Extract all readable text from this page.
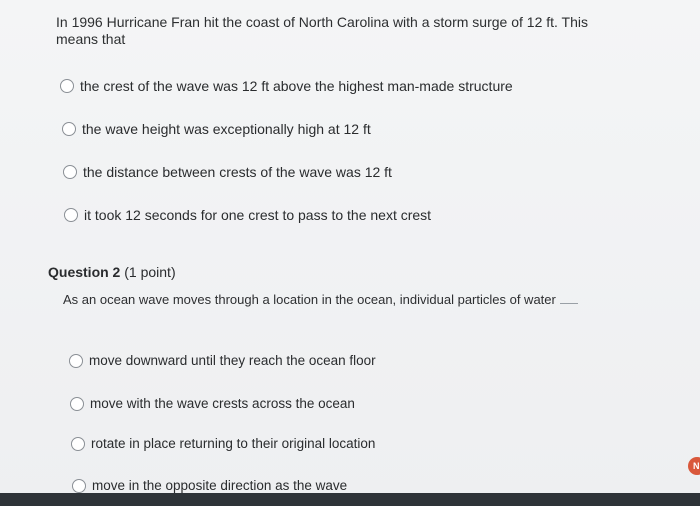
In 1996 Hurricane Fran hit the coast of North Carolina with a storm surge of 12 ft. This means that
the crest of the wave was 12 ft above the highest man-made structure
the wave height was exceptionally high at 12 ft
the distance between crests of the wave was 12 ft
it took 12 seconds for one crest to pass to the next crest
Question 2 (1 point)
As an ocean wave moves through a location in the ocean, individual particles of water
move downward until they reach the ocean floor
move with the wave crests across the ocean
rotate in place returning to their original location
move in the opposite direction as the wave
N
